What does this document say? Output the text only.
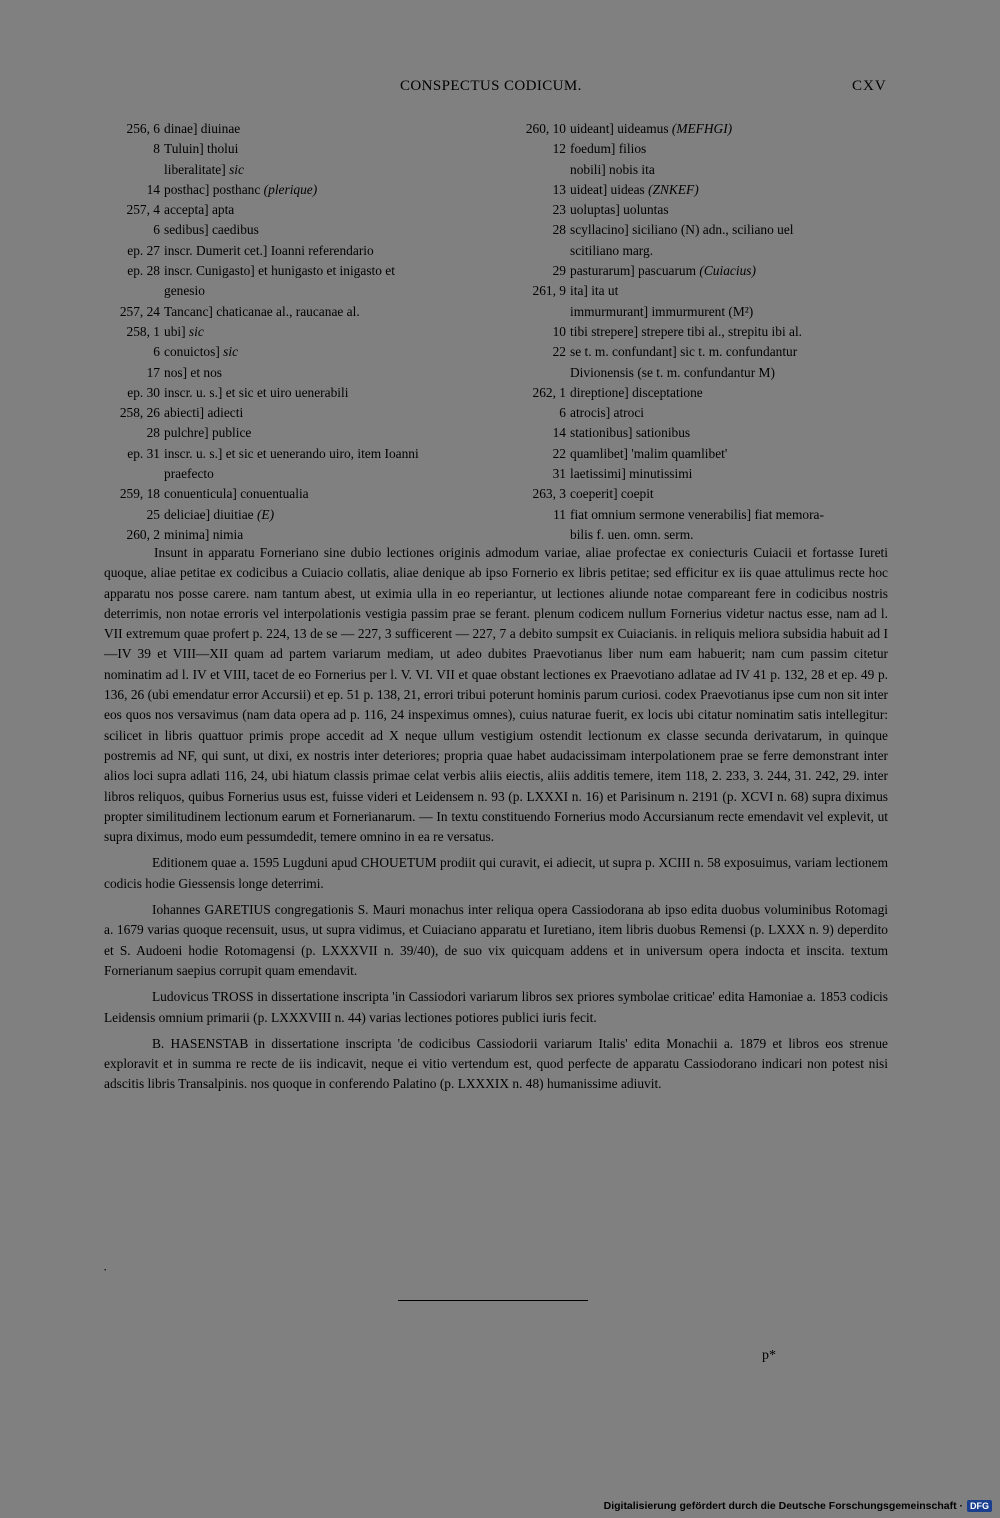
CONSPECTUS CODICUM.	CXV
256, 6 dinae] diuinae
8 Tuluin] tholui
liberalitate] sic
14 posthac] posthanc (plerique)
257, 4 accepta] apta
6 sedibus] caedibus
ep. 27 inscr. Dumerit cet.] Ioanni referendario
ep. 28 inscr. Cunigasto] et hunigasto et inigasto et
genesio
257, 24 Tancanc] chaticanae al., raucanae al.
258, 1 ubi] sic
6 conuictos] sic
17 nos] et nos
ep. 30 inscr. u. s.] et sic et uiro uenerabili
258, 26 abiecti] adiecti
28 pulchre] publice
ep. 31 inscr. u. s.] et sic et uenerando uiro, item Ioanni
praefecto
259, 18 conuenticula] conuentualia
25 deliciae] diuitiae (E)
260, 2 minima] nimia
260, 10 uideant] uideamus (MEFHGI)
12 foedum] filios
nobili] nobis ita
13 uideat] uideas (ZNKEF)
23 uoluptas] uoluntas
28 scyllacino] siciliano (N) adn., sciliano uel
scitiliano marg.
29 pasturarum] pascuarum (Cuiacius)
261, 9 ita] ita ut
immurmurant] immurmurent (M²)
10 tibi strepere] strepere tibi al., strepitu ibi al.
22 se t. m. confundant] sic t. m. confundantur
Divionensis (se t. m. confundantur M)
262, 1 direptione] disceptatione
6 atrocis] atroci
14 stationibus] sationibus
22 quamlibet] 'malim quamlibet'
31 laetissimi] minutissimi
263, 3 coeperit] coepit
11 fiat omnium sermone venerabilis] fiat memora-
bilis f. uen. omn. serm.

Insunt in apparatu Forneriano sine dubio lectiones originis admodum variae, aliae profectae ex coniecturis Cuiacii et fortasse Iureti quoque, aliae petitae ex codicibus a Cuiacio collatis, aliae denique ab ipso Fornerio ex libris petitae; sed efficitur ex iis quae attulimus recte hoc apparatu nos posse carere. nam tantum abest, ut eximia ulla in eo reperiantur, ut lectiones aliunde notae compareant fere in codicibus nostris deterrimis, non notae erroris vel interpolationis vestigia passim prae se ferant. plenum codicem nullum Fornerius videtur nactus esse, nam ad l. VII extremum quae profert p. 224, 13 de se — 227, 3 sufficerent — 227, 7 a debito sumpsit ex Cuiacianis. in reliquis meliora subsidia habuit ad I—IV 39 et VIII—XII quam ad partem variarum mediam, ut adeo dubites Praevotianus liber num eam habuerit; nam cum passim citetur nominatim ad l. IV et VIII, tacet de eo Fornerius per l. V. VI. VII et quae obstant lectiones ex Praevotiano adlatae ad IV 41 p. 132, 28 et ep. 49 p. 136, 26 (ubi emendatur error Accursii) et ep. 51 p. 138, 21, errori tribui poterunt hominis parum curiosi. codex Praevotianus ipse cum non sit inter eos quos nos versavimus (nam data opera ad p. 116, 24 inspeximus omnes), cuius naturae fuerit, ex locis ubi citatur nominatim satis intellegitur: scilicet in libris quattuor primis prope accedit ad X neque ullum vestigium ostendit lectionum ex classe secunda derivatarum, in quinque postremis ad NF, qui sunt, ut dixi, ex nostris inter deteriores; propria quae habet audacissimam interpolationem prae se ferre demonstrant inter alios loci supra adlati 116, 24, ubi hiatum classis primae celat verbis aliis eiectis, aliis additis temere, item 118, 2. 233, 3. 244, 31. 242, 29. inter libros reliquos, quibus Fornerius usus est, fuisse videri et Leidensem n. 93 (p. LXXXI n. 16) et Parisinum n. 2191 (p. XCVI n. 68) supra diximus propter similitudinem lectionum earum et Fornerianarum. — In textu constituendo Fornerius modo Accursianum recte emendavit vel explevit, ut supra diximus, modo eum pessumdedit, temere omnino in ea re versatus.

Editionem quae a. 1595 Lugduni apud CHOUETUM prodiit qui curavit, ei adiecit, ut supra p. XCIII n. 58 exposuimus, variam lectionem codicis hodie Giessensis longe deterrimi.

Iohannes GARETIUS congregationis S. Mauri monachus inter reliqua opera Cassiodorana ab ipso edita duobus voluminibus Rotomagi a. 1679 varias quoque recensuit, usus, ut supra vidimus, et Cuiaciano apparatu et Iuretiano, item libris duobus Remensi (p. LXXX n. 9) deperdito et S. Audoeni hodie Rotomagensi (p. LXXXVII n. 39/40), de suo vix quicquam addens et in universum opera indocta et inscita. textum Fornerianum saepius corrupit quam emendavit.

Ludovicus TROSS in dissertatione inscripta 'in Cassiodori variarum libros sex priores symbolae criticae' edita Hamoniae a. 1853 codicis Leidensis omnium primarii (p. LXXXVIII n. 44) varias lectiones potiores publici iuris fecit.

B. HASENSTAB in dissertatione inscripta 'de codicibus Cassiodorii variarum Italis' edita Monachii a. 1879 et libros eos strenue exploravit et in summa re recte de iis indicavit, neque ei vitio vertendum est, quod perfecte de apparatu Cassiodorano indicari non potest nisi adscitis libris Transalpinis. nos quoque in conferendo Palatino (p. LXXXIX n. 48) humanissime adiuvit.

·
p*
Digitalisierung gefördert durch die Deutsche Forschungsgemeinschaft · DFG
